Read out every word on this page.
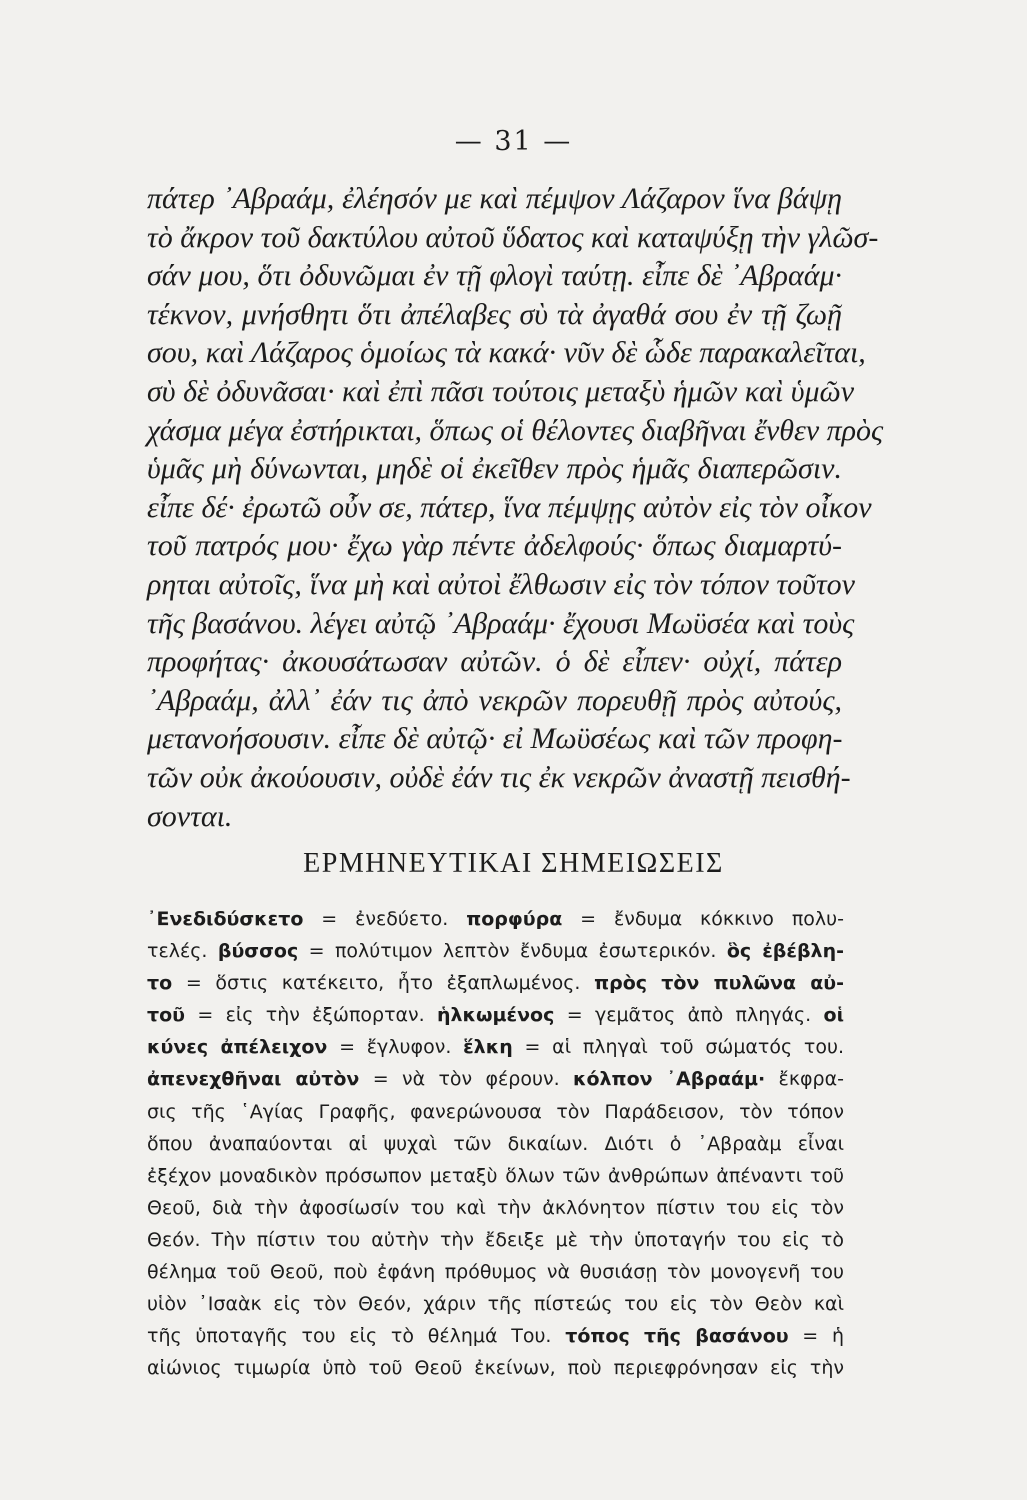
— 31 —
πάτερ ᾿Αβραάμ, ἐλέησόν με καὶ πέμψον Λάζαρον ἵνα βάψῃ
τὸ ἄκρον τοῦ δακτύλου αὐτοῦ ὕδατος καὶ καταψύξῃ τὴν γλῶσ-
σάν μου, ὅτι ὀδυνῶμαι ἐν τῇ φλογὶ ταύτῃ. εἶπε δὲ ᾿Αβραάμ·
τέκνον, μνήσθητι ὅτι ἀπέλαβες σὺ τὰ ἀγαθά σου ἐν τῇ ζωῇ
σου, καὶ Λάζαρος ὁμοίως τὰ κακά· νῦν δὲ ὧδε παρακαλεῖται,
σὺ δὲ ὀδυνᾶσαι· καὶ ἐπὶ πᾶσι τούτοις μεταξὺ ἡμῶν καὶ ὑμῶν
χάσμα μέγα ἐστήρικται, ὅπως οἱ θέλοντες διαβῆναι ἔνθεν πρὸς
ὑμᾶς μὴ δύνωνται, μηδὲ οἱ ἐκεῖθεν πρὸς ἡμᾶς διαπερῶσιν.
εἶπε δέ· ἐρωτῶ οὖν σε, πάτερ, ἵνα πέμψῃς αὐτὸν εἰς τὸν οἶκον
τοῦ πατρός μου· ἔχω γὰρ πέντε ἀδελφούς· ὅπως διαμαρτύ-
ρηται αὐτοῖς, ἵνα μὴ καὶ αὐτοὶ ἔλθωσιν εἰς τὸν τόπον τοῦτον
τῆς βασάνου. λέγει αὐτῷ ᾿Αβραάμ· ἔχουσι Μωϋσέα καὶ τοὺς
προφήτας· ἀκουσάτωσαν αὐτῶν. ὁ δὲ εἶπεν· οὐχί, πάτερ
᾿Αβραάμ, ἀλλ᾿ ἐάν τις ἀπὸ νεκρῶν πορευθῇ πρὸς αὐτούς,
μετανοήσουσιν. εἶπε δὲ αὐτῷ· εἰ Μωϋσέως καὶ τῶν προφη-
τῶν οὐκ ἀκούουσιν, οὐδὲ ἐάν τις ἐκ νεκρῶν ἀναστῇ πεισθή-
σονται.
ΕΡΜΗΝΕΥΤΙΚΑΙ ΣΗΜΕΙΩΣΕΙΣ
᾿Ενεδιδύσκετο = ἐνεδύετο. πορφύρα = ἔνδυμα κόκκινο πολυ-
τελές. βύσσος = πολύτιμον λεπτὸν ἔνδυμα ἐσωτερικόν. ὃς ἐβέβλη-
το = ὅστις κατέκειτο, ἦτο ἐξαπλωμένος. πρὸς τὸν πυλῶνα αὐ-
τοῦ = εἰς τὴν ἐξώπορταν. ἡλκωμένος = γεμᾶτος ἀπὸ πληγάς. οἱ
κύνες ἀπέλειχον = ἔγλυφον. ἕλκη = αἱ πληγαὶ τοῦ σώματός του.
ἀπενεχθῆναι αὐτὸν = νὰ τὸν φέρουν. κόλπον ᾿Αβραάμ· ἔκφρα-
σις τῆς ῾Αγίας Γραφῆς, φανερώνουσα τὸν Παράδεισον, τὸν τόπον
ὅπου ἀναπαύονται αἱ ψυχαὶ τῶν δικαίων. Διότι ὁ ᾿Αβραὰμ εἶναι
ἐξέχον μοναδικὸν πρόσωπον μεταξὺ ὅλων τῶν ἀνθρώπων ἀπέναντι τοῦ
Θεοῦ, διὰ τὴν ἀφοσίωσίν του καὶ τὴν ἀκλόνητον πίστιν του εἰς τὸν
Θεόν. Τὴν πίστιν του αὐτὴν τὴν ἔδειξε μὲ τὴν ὑποταγήν του εἰς τὸ
θέλημα τοῦ Θεοῦ, ποὺ ἐφάνη πρόθυμος νὰ θυσιάσῃ τὸν μονογενῆ του
υἱὸν ᾿Ισαὰκ εἰς τὸν Θεόν, χάριν τῆς πίστεώς του εἰς τὸν Θεὸν καὶ
τῆς ὑποταγῆς του εἰς τὸ θέλημά Του. τόπος τῆς βασάνου = ἡ
αἰώνιος τιμωρία ὑπὸ τοῦ Θεοῦ ἐκείνων, ποὺ περιεφρόνησαν εἰς τὴν
